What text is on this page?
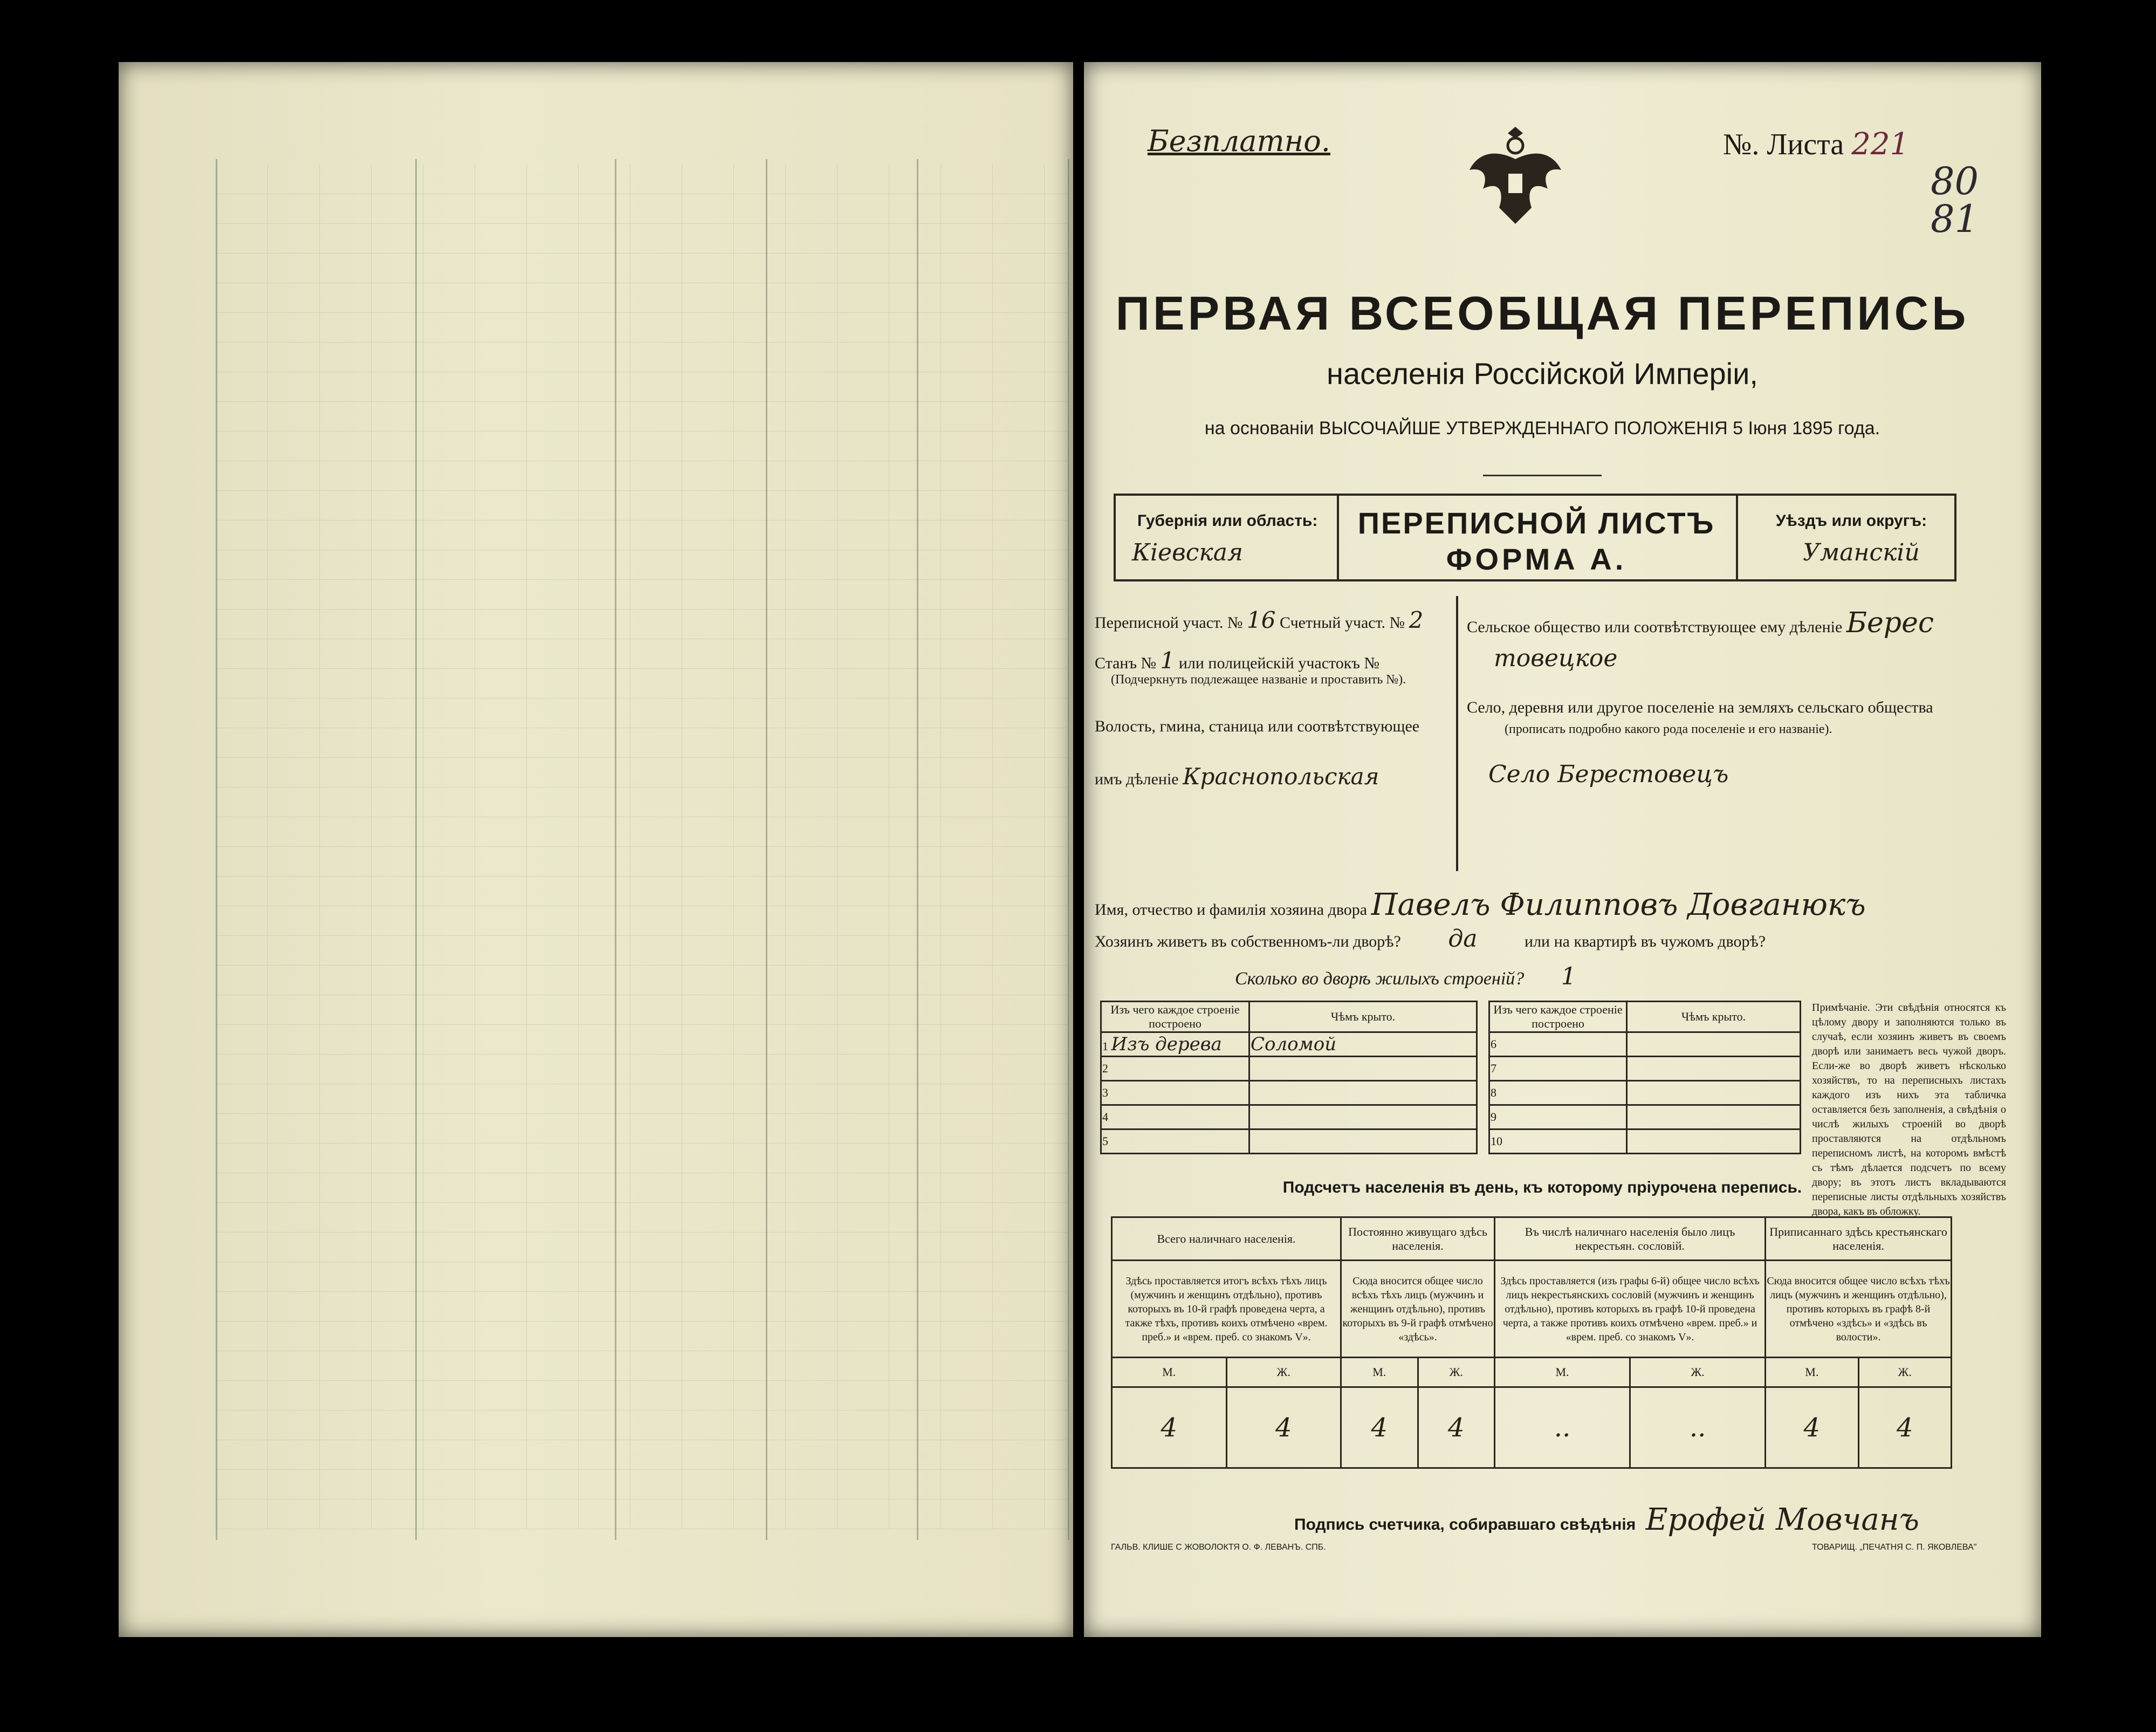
Безплатно.	№. Листа 221
80
81
ПЕРВАЯ ВСЕОБЩАЯ ПЕРЕПИСЬ
населенія Россійской Имперіи,
на основаніи ВЫСОЧАЙШЕ УТВЕРЖДЕННАГО ПОЛОЖЕНІЯ 5 Іюня 1895 года.
Губернія или область:
Кіевская
ПЕРЕПИСНОЙ ЛИСТЪ
ФОРМА А.
Уѣздъ или округъ:
Уманскій
Переписной участ. № 16 Счетный участ. № 2
Станъ № 1 или полицейскій участокъ №
(Подчеркнуть подлежащее названіе и проставить №).
Волость, гмина, станица или соотвѣтствующее
имъ дѣленіе Краснопольская
Сельское общество или соотвѣтствующее ему дѣленіе Берес
товецкое
Село, деревня или другое поселеніе на земляхъ сельскаго общества
(прописать подробно какого рода поселеніе и его названіе).
Село Берестовецъ
Имя, отчество и фамилія хозяина двора Павелъ Филипповъ Довганюкъ
Хозяинъ живетъ въ собственномъ-ли дворѣ? да	или на квартирѣ въ чужомъ дворѣ?
Сколько во дворѣ жилыхъ строеній? 1
Изъ чего каждое строеніе построено	Чѣмъ крыто.
1 Изъ дерева	Соломой
2	
3	
4	
5	
Изъ чего каждое строеніе построено	Чѣмъ крыто.
6	
7	
8	
9	
10	
Примѣчаніе. Эти свѣдѣнія относятся къ цѣлому двору и заполняются только въ случаѣ, если хозяинъ живетъ въ своемъ дворѣ или занимаетъ весь чужой дворъ. Если-же во дворѣ живетъ нѣсколько хозяйствъ, то на переписныхъ листахъ каждого изъ нихъ эта табличка оставляется безъ заполненія, а свѣдѣнія о числѣ жилыхъ строеній во дворѣ проставляются на отдѣльномъ переписномъ листѣ, на которомъ вмѣстѣ съ тѣмъ дѣлается подсчетъ по всему двору; въ этотъ листъ вкладываются переписные листы отдѣльныхъ хозяйствъ двора, какъ въ обложку.
Подсчетъ населенія въ день, къ которому пріурочена перепись.
Всего наличнаго населенія.		Постоянно живущаго здѣсь населенія.		Въ числѣ наличнаго населенія было лицъ некрестьян. сословій.		Приписаннаго здѣсь крестьянскаго населенія.	
Здѣсь проставляется итогъ всѣхъ тѣхъ лицъ (мужчинъ и женщинъ отдѣльно), противъ которыхъ въ 10-й графѣ проведена черта, а также тѣхъ, противъ коихъ отмѣчено «врем. преб.» и «врем. преб. со знакомъ V».		Сюда вносится общее число всѣхъ тѣхъ лицъ (мужчинъ и женщинъ отдѣльно), противъ которыхъ въ 9-й графѣ отмѣчено «здѣсь».		Здѣсь проставляется (изъ графы 6-й) общее число всѣхъ лицъ некрестьянскихъ сословій (мужчинъ и женщинъ отдѣльно), противъ которыхъ въ графѣ 10-й проведена черта, а также противъ коихъ отмѣчено «врем. преб.» и «врем. преб. со знакомъ V».		Сюда вносится общее число всѣхъ тѣхъ лицъ (мужчинъ и женщинъ отдѣльно), противъ которыхъ въ графѣ 8-й отмѣчено «здѣсь» и «здѣсь въ волости».	
М.	Ж.	М.	Ж.	М.	Ж.	М.	Ж.
4	4	4	4	..	..	4	4
Подпись счетчика, собиравшаго свѣдѣнія Ерофей Мовчанъ
ГАЛЬВ. КЛИШЕ С ЖОВОЛОКТЯ О. Ф. ЛЕВАНЪ. СПБ.	ТОВАРИЩ. „ПЕЧАТНЯ С. П. ЯКОВЛЕВА"
